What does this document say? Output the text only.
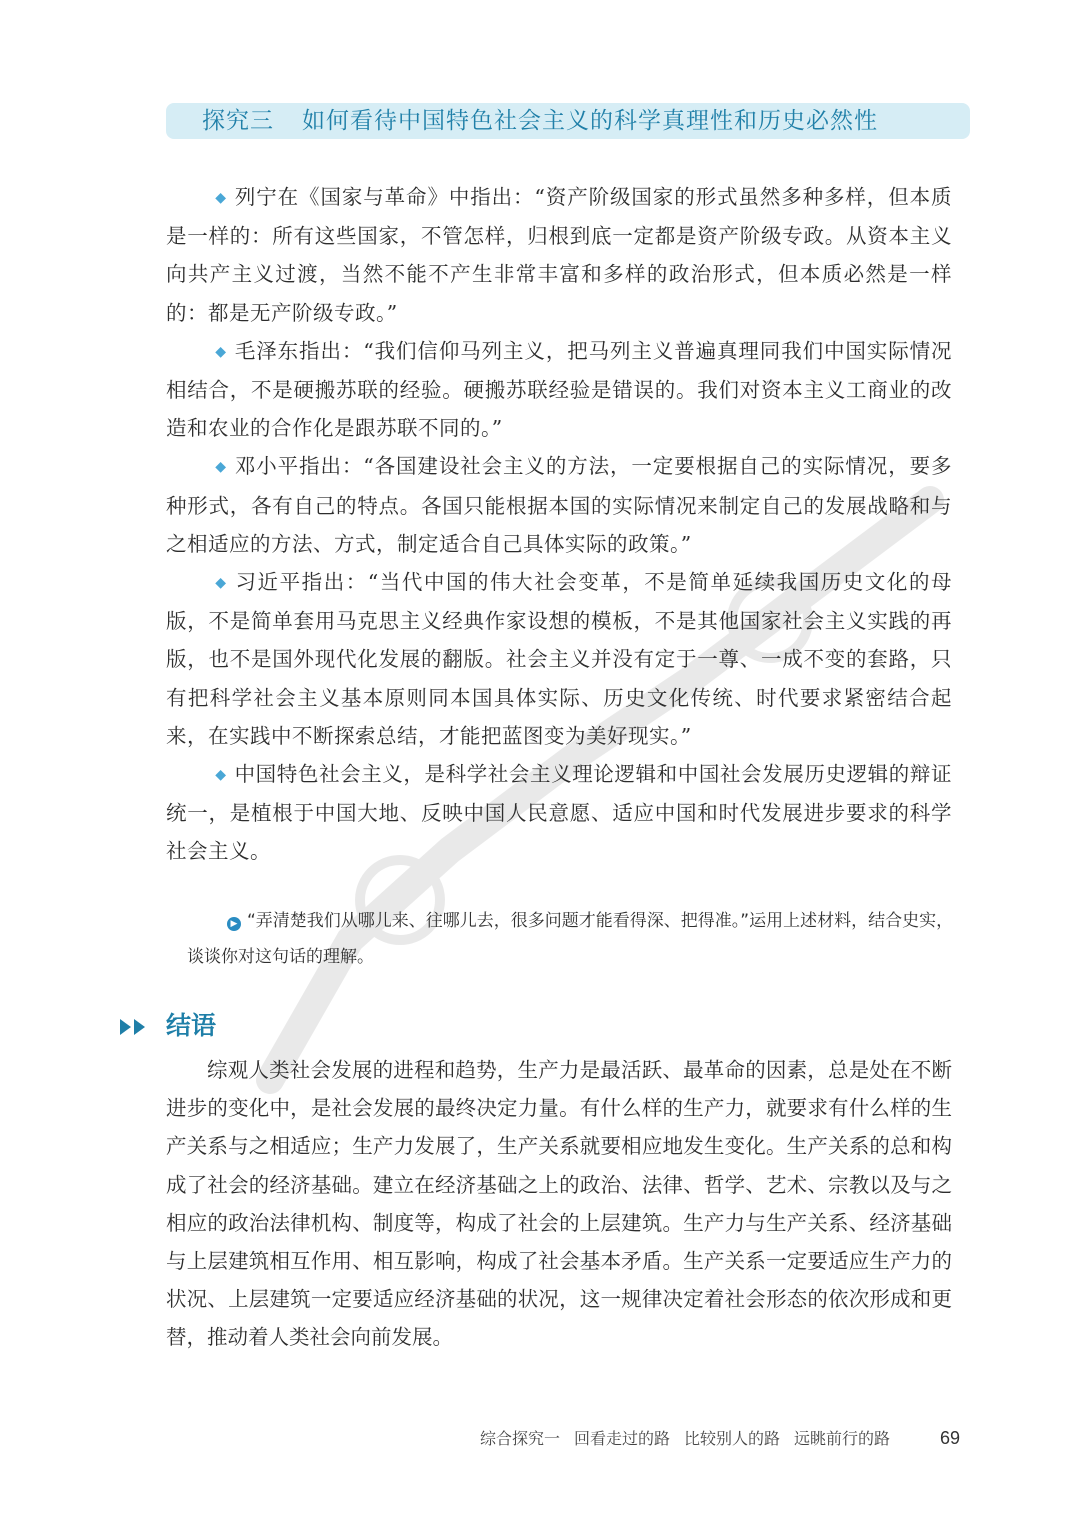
探究三 如何看待中国特色社会主义的科学真理性和历史必然性

◆ 列宁在《国家与革命》中指出：“资产阶级国家的形式虽然多种多样，但本质是一样的：所有这些国家，不管怎样，归根到底一定都是资产阶级专政。从资本主义向共产主义过渡，当然不能不产生非常丰富和多样的政治形式，但本质必然是一样的：都是无产阶级专政。”

◆ 毛泽东指出：“我们信仰马列主义，把马列主义普遍真理同我们中国实际情况相结合，不是硬搬苏联的经验。硬搬苏联经验是错误的。我们对资本主义工商业的改造和农业的合作化是跟苏联不同的。”

◆ 邓小平指出：“各国建设社会主义的方法，一定要根据自己的实际情况，要多种形式，各有自己的特点。各国只能根据本国的实际情况来制定自己的发展战略和与之相适应的方法、方式，制定适合自己具体实际的政策。”

◆ 习近平指出：“当代中国的伟大社会变革，不是简单延续我国历史文化的母版，不是简单套用马克思主义经典作家设想的模板，不是其他国家社会主义实践的再版，也不是国外现代化发展的翻版。社会主义并没有定于一尊、一成不变的套路，只有把科学社会主义基本原则同本国具体实际、历史文化传统、时代要求紧密结合起来，在实践中不断探索总结，才能把蓝图变为美好现实。”

◆ 中国特色社会主义，是科学社会主义理论逻辑和中国社会发展历史逻辑的辩证统一，是植根于中国大地、反映中国人民意愿、适应中国和时代发展进步要求的科学社会主义。

▶ “弄清楚我们从哪儿来、往哪儿去，很多问题才能看得深、把得准。”运用上述材料，结合史实，谈谈你对这句话的理解。
结语

综观人类社会发展的进程和趋势，生产力是最活跃、最革命的因素，总是处在不断进步的变化中，是社会发展的最终决定力量。有什么样的生产力，就要求有什么样的生产关系与之相适应；生产力发展了，生产关系就要相应地发生变化。生产关系的总和构成了社会的经济基础。建立在经济基础之上的政治、法律、哲学、艺术、宗教以及与之相应的政治法律机构、制度等，构成了社会的上层建筑。生产力与生产关系、经济基础与上层建筑相互作用、相互影响，构成了社会基本矛盾。生产关系一定要适应生产力的状况、上层建筑一定要适应经济基础的状况，这一规律决定着社会形态的依次形成和更替，推动着人类社会向前发展。

综合探究一 回看走过的路 比较别人的路 远眺前行的路	69
